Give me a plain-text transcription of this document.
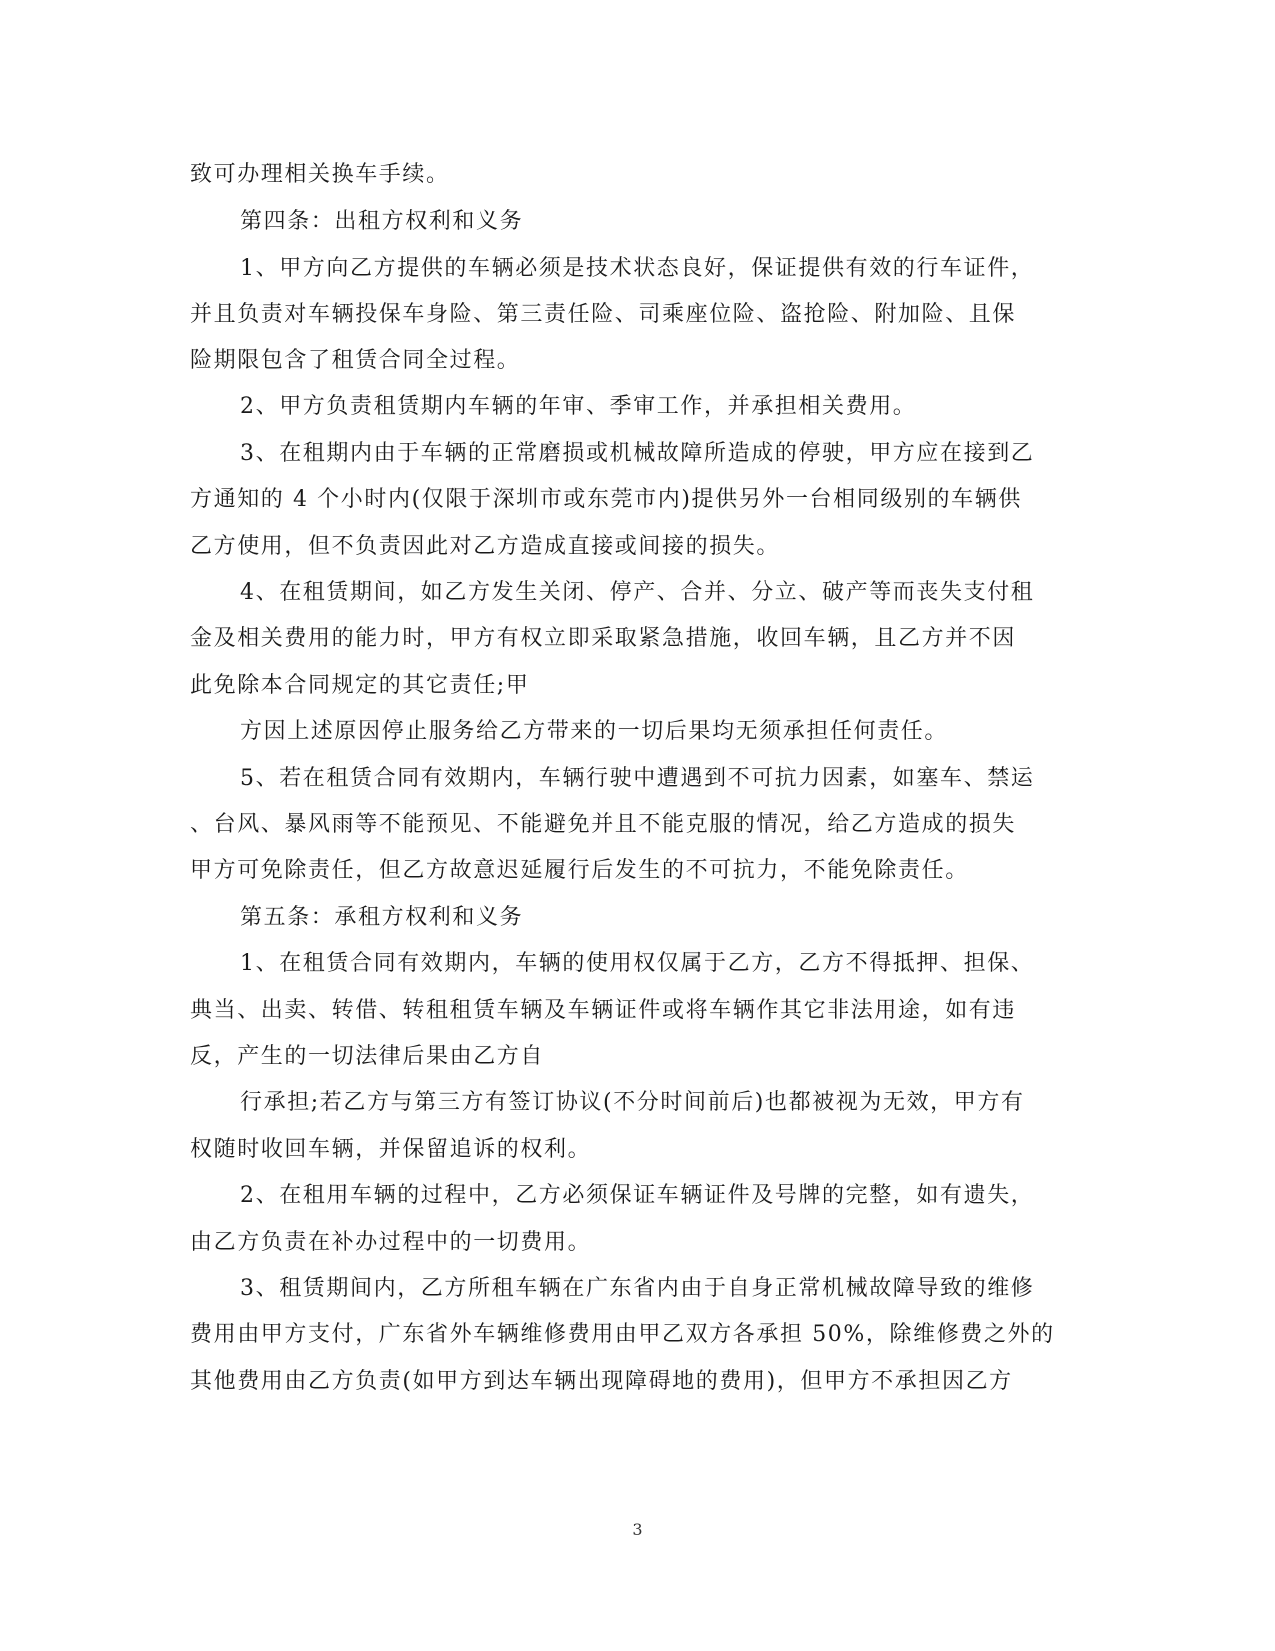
致可办理相关换车手续。
第四条：出租方权利和义务
1、甲方向乙方提供的车辆必须是技术状态良好，保证提供有效的行车证件，
并且负责对车辆投保车身险、第三责任险、司乘座位险、盗抢险、附加险、且保
险期限包含了租赁合同全过程。
2、甲方负责租赁期内车辆的年审、季审工作，并承担相关费用。
3、在租期内由于车辆的正常磨损或机械故障所造成的停驶，甲方应在接到乙
方通知的 4 个小时内(仅限于深圳市或东莞市内)提供另外一台相同级别的车辆供
乙方使用，但不负责因此对乙方造成直接或间接的损失。
4、在租赁期间，如乙方发生关闭、停产、合并、分立、破产等而丧失支付租
金及相关费用的能力时，甲方有权立即采取紧急措施，收回车辆，且乙方并不因
此免除本合同规定的其它责任;甲
方因上述原因停止服务给乙方带来的一切后果均无须承担任何责任。
5、若在租赁合同有效期内，车辆行驶中遭遇到不可抗力因素，如塞车、禁运
、台风、暴风雨等不能预见、不能避免并且不能克服的情况，给乙方造成的损失
甲方可免除责任，但乙方故意迟延履行后发生的不可抗力，不能免除责任。
第五条：承租方权利和义务
1、在租赁合同有效期内，车辆的使用权仅属于乙方，乙方不得抵押、担保、
典当、出卖、转借、转租租赁车辆及车辆证件或将车辆作其它非法用途，如有违
反，产生的一切法律后果由乙方自
行承担;若乙方与第三方有签订协议(不分时间前后)也都被视为无效，甲方有
权随时收回车辆，并保留追诉的权利。
2、在租用车辆的过程中，乙方必须保证车辆证件及号牌的完整，如有遗失，
由乙方负责在补办过程中的一切费用。
3、租赁期间内，乙方所租车辆在广东省内由于自身正常机械故障导致的维修
费用由甲方支付，广东省外车辆维修费用由甲乙双方各承担 50%，除维修费之外的
其他费用由乙方负责(如甲方到达车辆出现障碍地的费用)，但甲方不承担因乙方
3
